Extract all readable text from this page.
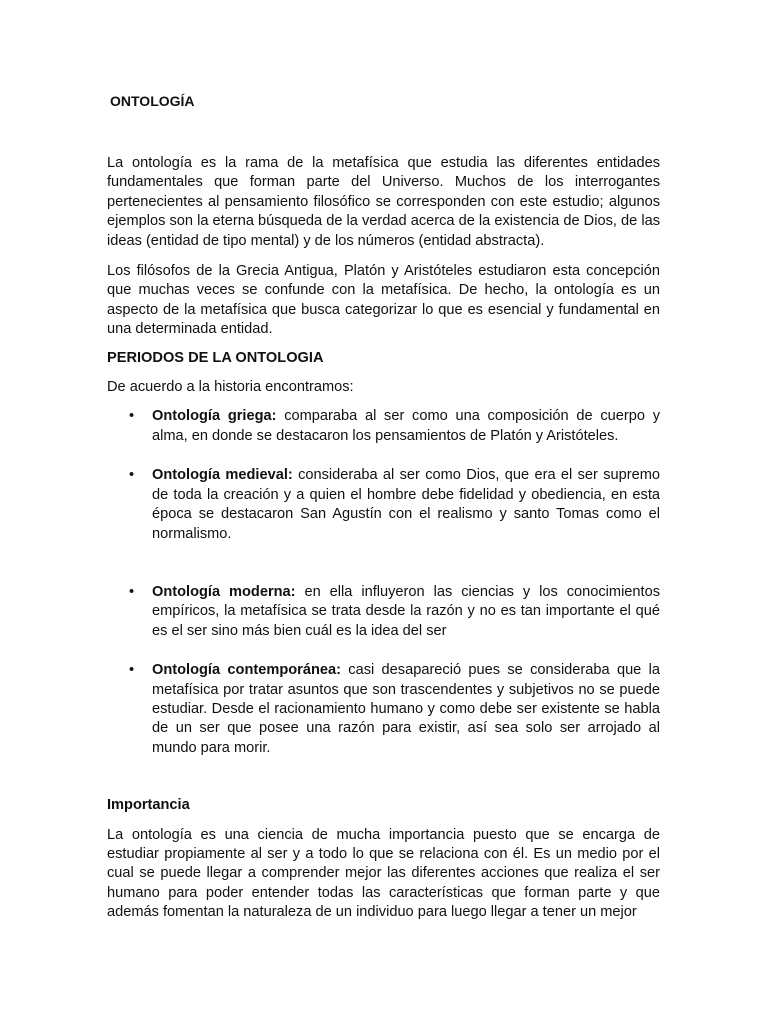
ONTOLOGÍA

La ontología es la rama de la metafísica que estudia las diferentes entidades fundamentales que forman parte del Universo. Muchos de los interrogantes pertenecientes al pensamiento filosófico se corresponden con este estudio; algunos ejemplos son la eterna búsqueda de la verdad acerca de la existencia de Dios, de las ideas (entidad de tipo mental) y de los números (entidad abstracta).

Los filósofos de la Grecia Antigua, Platón y Aristóteles estudiaron esta concepción que muchas veces se confunde con la metafísica. De hecho, la ontología es un aspecto de la metafísica que busca categorizar lo que es esencial y fundamental en una determinada entidad.

PERIODOS DE LA ONTOLOGIA

De acuerdo a la historia encontramos:

• Ontología griega: comparaba al ser como una composición de cuerpo y alma, en donde se destacaron los pensamientos de Platón y Aristóteles.
• Ontología medieval: consideraba al ser como Dios, que era el ser supremo de toda la creación y a quien el hombre debe fidelidad y obediencia, en esta época se destacaron San Agustín con el realismo y santo Tomas como el normalismo.
• Ontología moderna: en ella influyeron las ciencias y los conocimientos empíricos, la metafísica se trata desde la razón y no es tan importante el qué es el ser sino más bien cuál es la idea del ser
• Ontología contemporánea: casi desapareció pues se consideraba que la metafísica por tratar asuntos que son trascendentes y subjetivos no se puede estudiar. Desde el racionamiento humano y como debe ser existente se habla de un ser que posee una razón para existir, así sea solo ser arrojado al mundo para morir.
Importancia

La ontología es una ciencia de mucha importancia puesto que se encarga de estudiar propiamente al ser y a todo lo que se relaciona con él. Es un medio por el cual se puede llegar a comprender mejor las diferentes acciones que realiza el ser humano para poder entender todas las características que forman parte y que además fomentan la naturaleza de un individuo para luego llegar a tener un mejor
